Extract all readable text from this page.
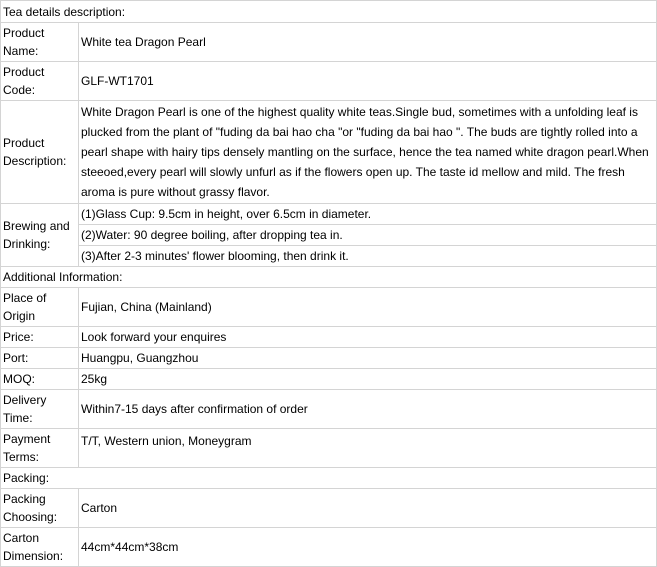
Tea details description:	
Product Name:	White tea Dragon Pearl
Product Code:	GLF-WT1701
Product Description:	White Dragon Pearl is one of the highest quality white teas.Single bud, sometimes with a unfolding leaf is plucked from the plant of "fuding da bai hao cha "or "fuding da bai hao ". The buds are tightly rolled into a pearl shape with hairy tips densely mantling on the surface, hence the tea named white dragon pearl.When steeoed,every pearl will slowly unfurl as if the flowers open up. The taste id mellow and mild. The fresh aroma is pure without grassy flavor.
Brewing and Drinking:	(1)Glass Cup: 9.5cm in height, over 6.5cm in diameter.
	(2)Water: 90 degree boiling, after dropping tea in.
	(3)After 2-3 minutes' flower blooming, then drink it.
Additional Information:	
Place of Origin	Fujian, China (Mainland)
Price:	Look forward your enquires
Port:	Huangpu, Guangzhou
MOQ:	25kg
Delivery Time:	Within7-15 days after confirmation of order
Payment Terms:	T/T, Western union, Moneygram
Packing:	
Packing Choosing:	Carton
Carton Dimension:	44cm*44cm*38cm
